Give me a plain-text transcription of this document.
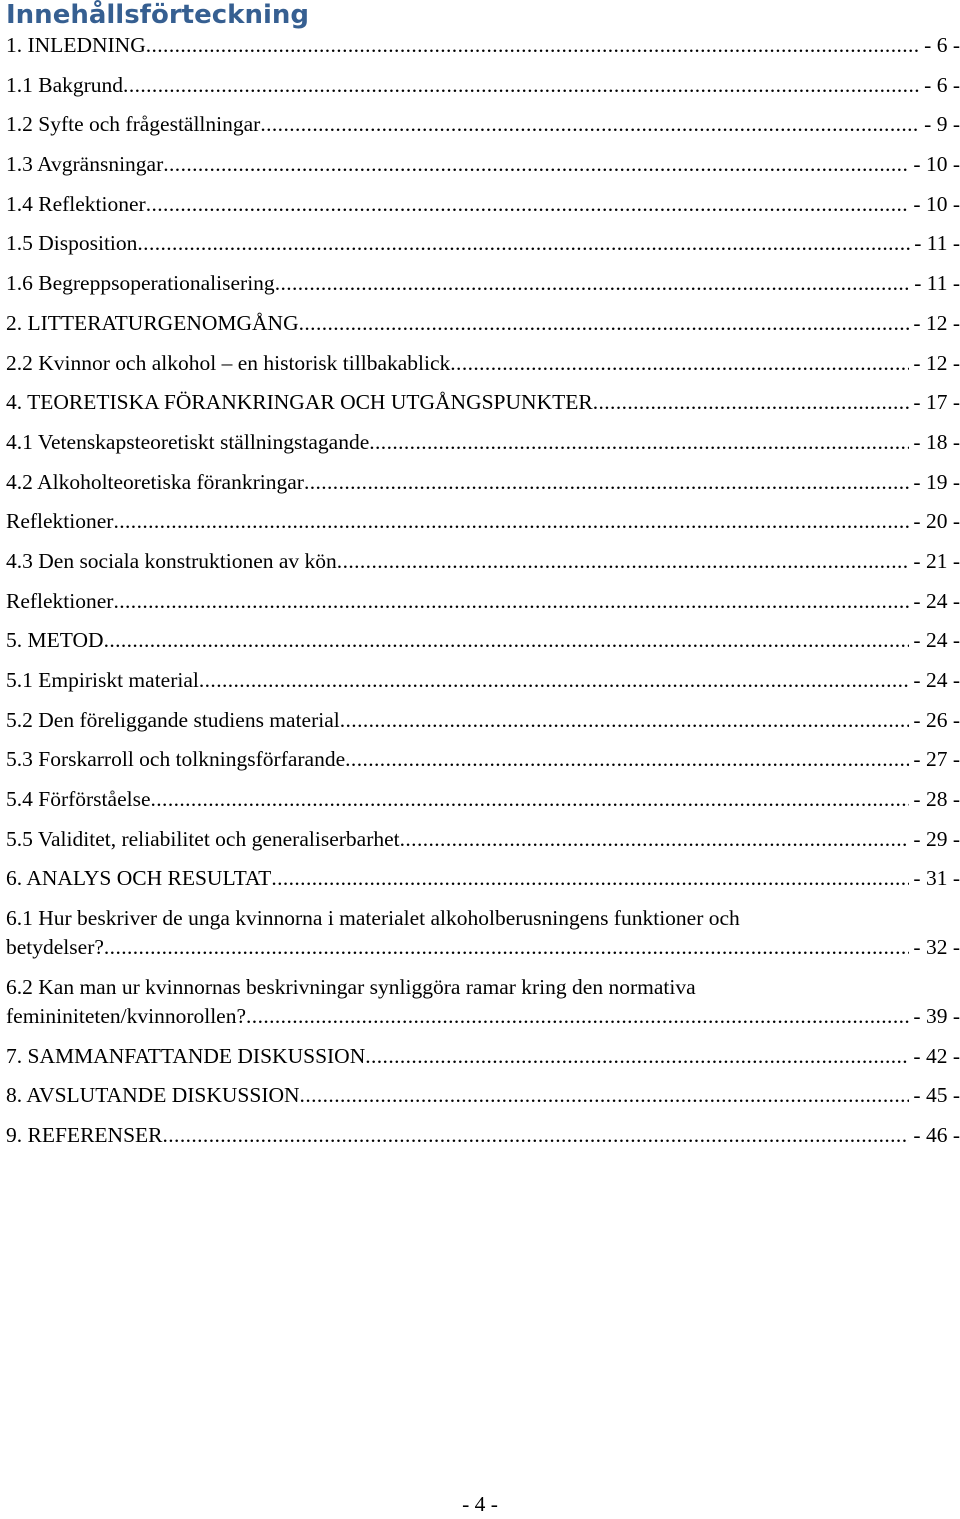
Innehållsförteckning
1. INLEDNING .....	- 6 -
1.1 Bakgrund .....	- 6 -
1.2 Syfte och frågeställningar .....	- 9 -
1.3 Avgränsningar .....	- 10 -
1.4 Reflektioner .....	- 10 -
1.5 Disposition .....	- 11 -
1.6 Begreppsoperationalisering .....	- 11 -
2. LITTERATURGENOMGÅNG .....	- 12 -
2.2 Kvinnor och alkohol – en historisk tillbakablick .....	- 12 -
4. TEORETISKA FÖRANKRINGAR OCH UTGÅNGSPUNKTER .....	- 17 -
4.1 Vetenskapsteoretiskt ställningstagande .....	- 18 -
4.2 Alkoholteoretiska förankringar .....	- 19 -
Reflektioner .....	- 20 -
4.3 Den sociala konstruktionen av kön .....	- 21 -
Reflektioner .....	- 24 -
5. METOD .....	- 24 -
5.1 Empiriskt material .....	- 24 -
5.2 Den föreliggande studiens material .....	- 26 -
5.3 Forskarroll och tolkningsförfarande .....	- 27 -
5.4 Förförståelse .....	- 28 -
5.5 Validitet, reliabilitet och generaliserbarhet .....	- 29 -
6. ANALYS OCH RESULTAT .....	- 31 -
6.1 Hur beskriver de unga kvinnorna i materialet alkoholberusningens funktioner och
betydelser? .....	- 32 -
6.2 Kan man ur kvinnornas beskrivningar synliggöra ramar kring den normativa
femininiteten/kvinnorollen? .....	- 39 -
7. SAMMANFATTANDE DISKUSSION .....	- 42 -
8. AVSLUTANDE DISKUSSION .....	- 45 -
9. REFERENSER .....	- 46 -
- 4 -
